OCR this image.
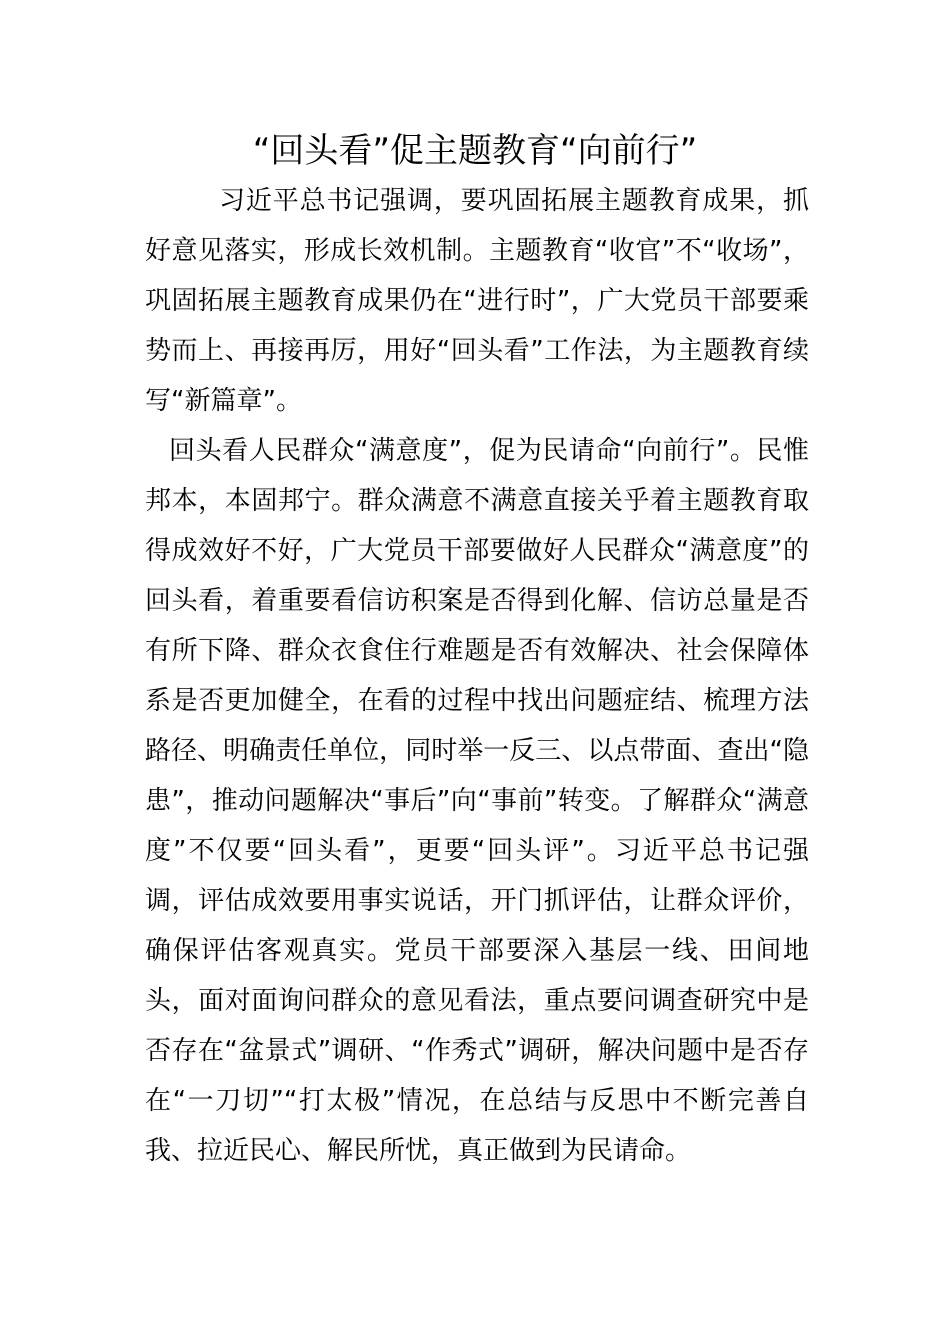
“回头看”促主题教育“向前行”

习近平总书记强调，要巩固拓展主题教育成果，抓好意见落实，形成长效机制。主题教育“收官”不“收场”，巩固拓展主题教育成果仍在“进行时”，广大党员干部要乘势而上、再接再厉，用好“回头看”工作法，为主题教育续写“新篇章”。

回头看人民群众“满意度”，促为民请命“向前行”。民惟邦本，本固邦宁。群众满意不满意直接关乎着主题教育取得成效好不好，广大党员干部要做好人民群众“满意度”的回头看，着重要看信访积案是否得到化解、信访总量是否有所下降、群众衣食住行难题是否有效解决、社会保障体系是否更加健全，在看的过程中找出问题症结、梳理方法路径、明确责任单位，同时举一反三、以点带面、查出“隐患”，推动问题解决“事后”向“事前”转变。了解群众“满意度”不仅要“回头看”，更要“回头评”。习近平总书记强调，评估成效要用事实说话，开门抓评估，让群众评价，确保评估客观真实。党员干部要深入基层一线、田间地头，面对面询问群众的意见看法，重点要问调查研究中是否存在“盆景式”调研、“作秀式”调研，解决问题中是否存在“一刀切”“打太极”情况，在总结与反思中不断完善自我、拉近民心、解民所忧，真正做到为民请命。
